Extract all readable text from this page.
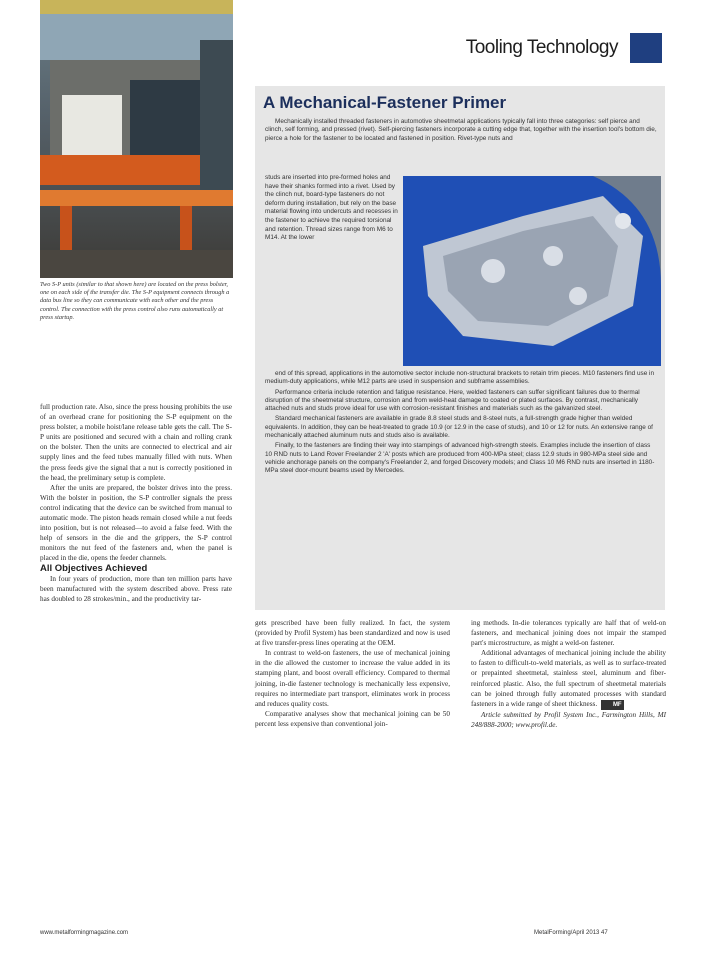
Two S-P units (similar to that shown here) are located on the press bolster, one on each side of the transfer die. The S-P equipment connects through a data bus line so they can communicate with each other and the press control. The connection with the press control also runs automatically at press startup.
Tooling Technology
A Mechanical-Fastener Primer
Mechanically installed threaded fasteners in automotive sheetmetal applications typically fall into three categories: self pierce and clinch, self forming, and pressed (rivet). Self-piercing fasteners incorporate a cutting edge that, together with the insertion tool's bottom die, pierce a hole for the fastener to be located and fastened in position. Rivet-type nuts and
studs are inserted into pre-formed holes and have their shanks formed into a rivet. Used by the clinch nut, board-type fasteners do not deform during installation, but rely on the base material flowing into undercuts and recesses in the fastener to achieve the required torsional and retention. Thread sizes range from M6 to M14. At the lower

end of this spread, applications in the automotive sector include non-structural brackets to retain trim pieces. M10 fasteners find use in medium-duty applications, while M12 parts are used in suspension and subframe assemblies.

Performance criteria include retention and fatigue resistance. Here, welded fasteners can suffer significant failures due to thermal disruption of the sheetmetal structure, corrosion and from weld-heat damage to coated or plated surfaces. By contrast, mechanically attached nuts and studs prove ideal for use with corrosion-resistant finishes and materials such as the galvanized steel.

Standard mechanical fasteners are available in grade 8.8 steel studs and 8-steel nuts, a full-strength grade higher than welded equivalents. In addition, they can be heat-treated to grade 10.9 (or 12.9 in the case of studs), and 10 or 12 for nuts. An extensive range of mechanically attached aluminum nuts and studs also is available.

Finally, to the fasteners are finding their way into stampings of advanced high-strength steels. Examples include the insertion of class 10 RND nuts to Land Rover Freelander 2 'A' posts which are produced from 400-MPa steel; class 12.9 studs in 980-MPa steel side and vehicle anchorage panels on the company's Freelander 2, and forged Discovery models; and Class 10 M6 RND nuts are inserted in 1180-MPa steel door-mount beams used by Mercedes.

full production rate. Also, since the press housing prohibits the use of an overhead crane for positioning the S-P equipment on the press bolster, a mobile hoist/lane release table gets the call. The S-P units are positioned and secured with a chain and rolling crank on the bolster. Then the units are connected to electrical and air supply lines and the feed tubes manually filled with nuts. When the press feeds give the signal that a nut is correctly positioned in the head, the preliminary setup is complete.

After the units are prepared, the bolster drives into the press. With the bolster in position, the S-P controller signals the press control indicating that the device can be switched from manual to automatic mode. The piston heads remain closed while a nut feeds into position, but is not released—to avoid a false feed. With the help of sensors in the die and the grippers, the S-P control monitors the nut feed of the fasteners and, when the panel is placed in the die, opens the feeder channels.

All Objectives Achieved

In four years of production, more than ten million parts have been manufactured with the system described above. Press rate has doubled to 28 strokes/min., and the productivity tar-

gets prescribed have been fully realized. In fact, the system (provided by Profil System) has been standardized and now is used at five transfer-press lines operating at the OEM.

In contrast to weld-on fasteners, the use of mechanical joining in the die allowed the customer to increase the value added in its stamping plant, and boost overall efficiency. Compared to thermal joining, in-die fastener technology is mechanically less expensive, requires no intermediate part transport, eliminates work in process and reduces quality costs.

Comparative analyses show that mechanical joining can be 50 percent less expensive than conventional join-

ing methods. In-die tolerances typically are half that of weld-on fasteners, and mechanical joining does not impair the stamped part's microstructure, as might a weld-on fastener.

Additional advantages of mechanical joining include the ability to fasten to difficult-to-weld materials, as well as to surface-treated or prepainted sheetmetal, stainless steel, aluminum and fiber-reinforced plastic. Also, the full spectrum of sheetmetal materials can be joined through fully automated processes with standard fasteners in a wide range of sheet thickness.	MF

Article submitted by Profil System Inc., Farmington Hills, MI 248/888-2000; www.profil.de.

www.metalformingmagazine.com	MetalForming/April 2013 47
